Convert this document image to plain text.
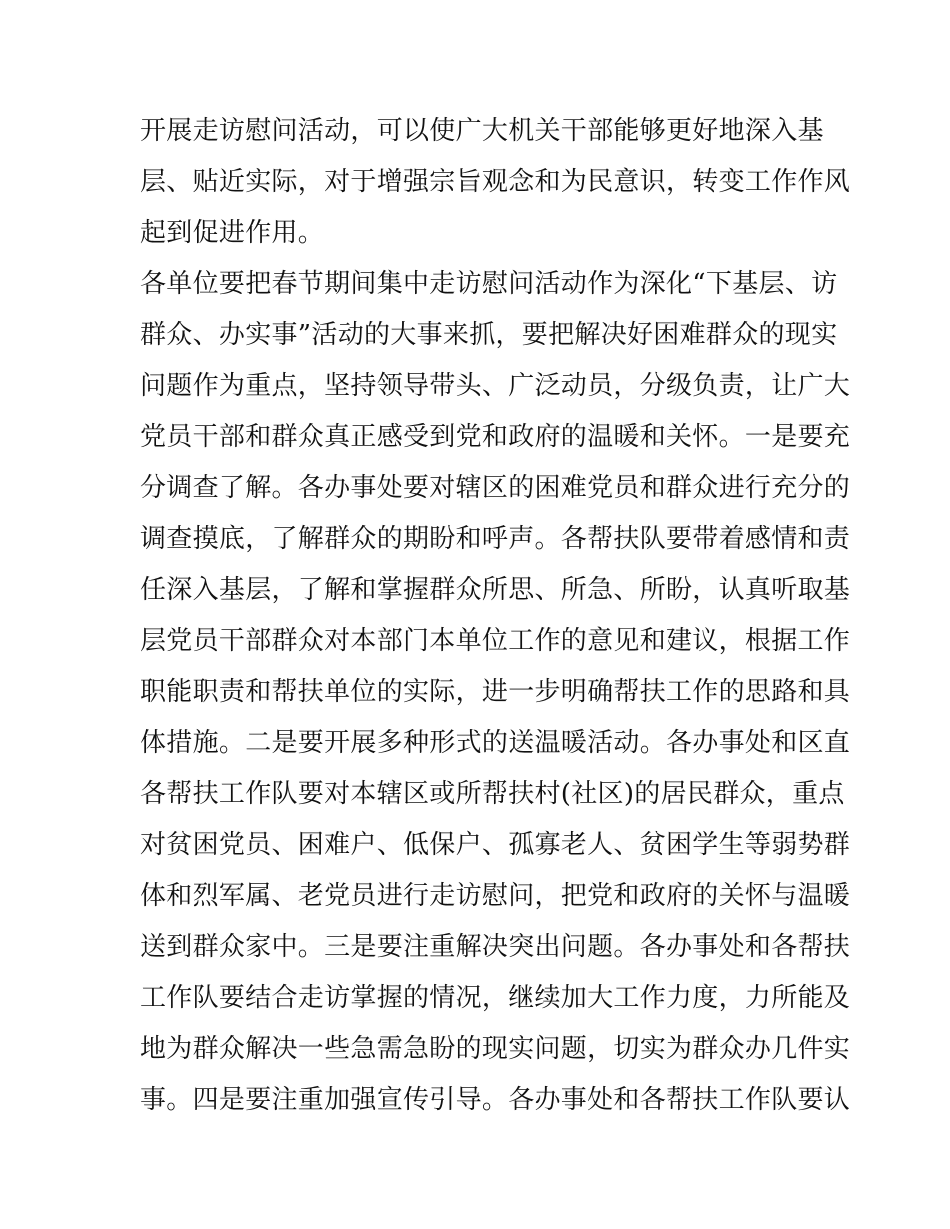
开展走访慰问活动，可以使广大机关干部能够更好地深入基
层、贴近实际，对于增强宗旨观念和为民意识，转变工作作风
起到促进作用。
各单位要把春节期间集中走访慰问活动作为深化“下基层、访
群众、办实事”活动的大事来抓，要把解决好困难群众的现实
问题作为重点，坚持领导带头、广泛动员，分级负责，让广大
党员干部和群众真正感受到党和政府的温暖和关怀。一是要充
分调查了解。各办事处要对辖区的困难党员和群众进行充分的
调查摸底，了解群众的期盼和呼声。各帮扶队要带着感情和责
任深入基层，了解和掌握群众所思、所急、所盼，认真听取基
层党员干部群众对本部门本单位工作的意见和建议，根据工作
职能职责和帮扶单位的实际，进一步明确帮扶工作的思路和具
体措施。二是要开展多种形式的送温暖活动。各办事处和区直
各帮扶工作队要对本辖区或所帮扶村(社区)的居民群众，重点
对贫困党员、困难户、低保户、孤寡老人、贫困学生等弱势群
体和烈军属、老党员进行走访慰问，把党和政府的关怀与温暖
送到群众家中。三是要注重解决突出问题。各办事处和各帮扶
工作队要结合走访掌握的情况，继续加大工作力度，力所能及
地为群众解决一些急需急盼的现实问题，切实为群众办几件实
事。四是要注重加强宣传引导。各办事处和各帮扶工作队要认
